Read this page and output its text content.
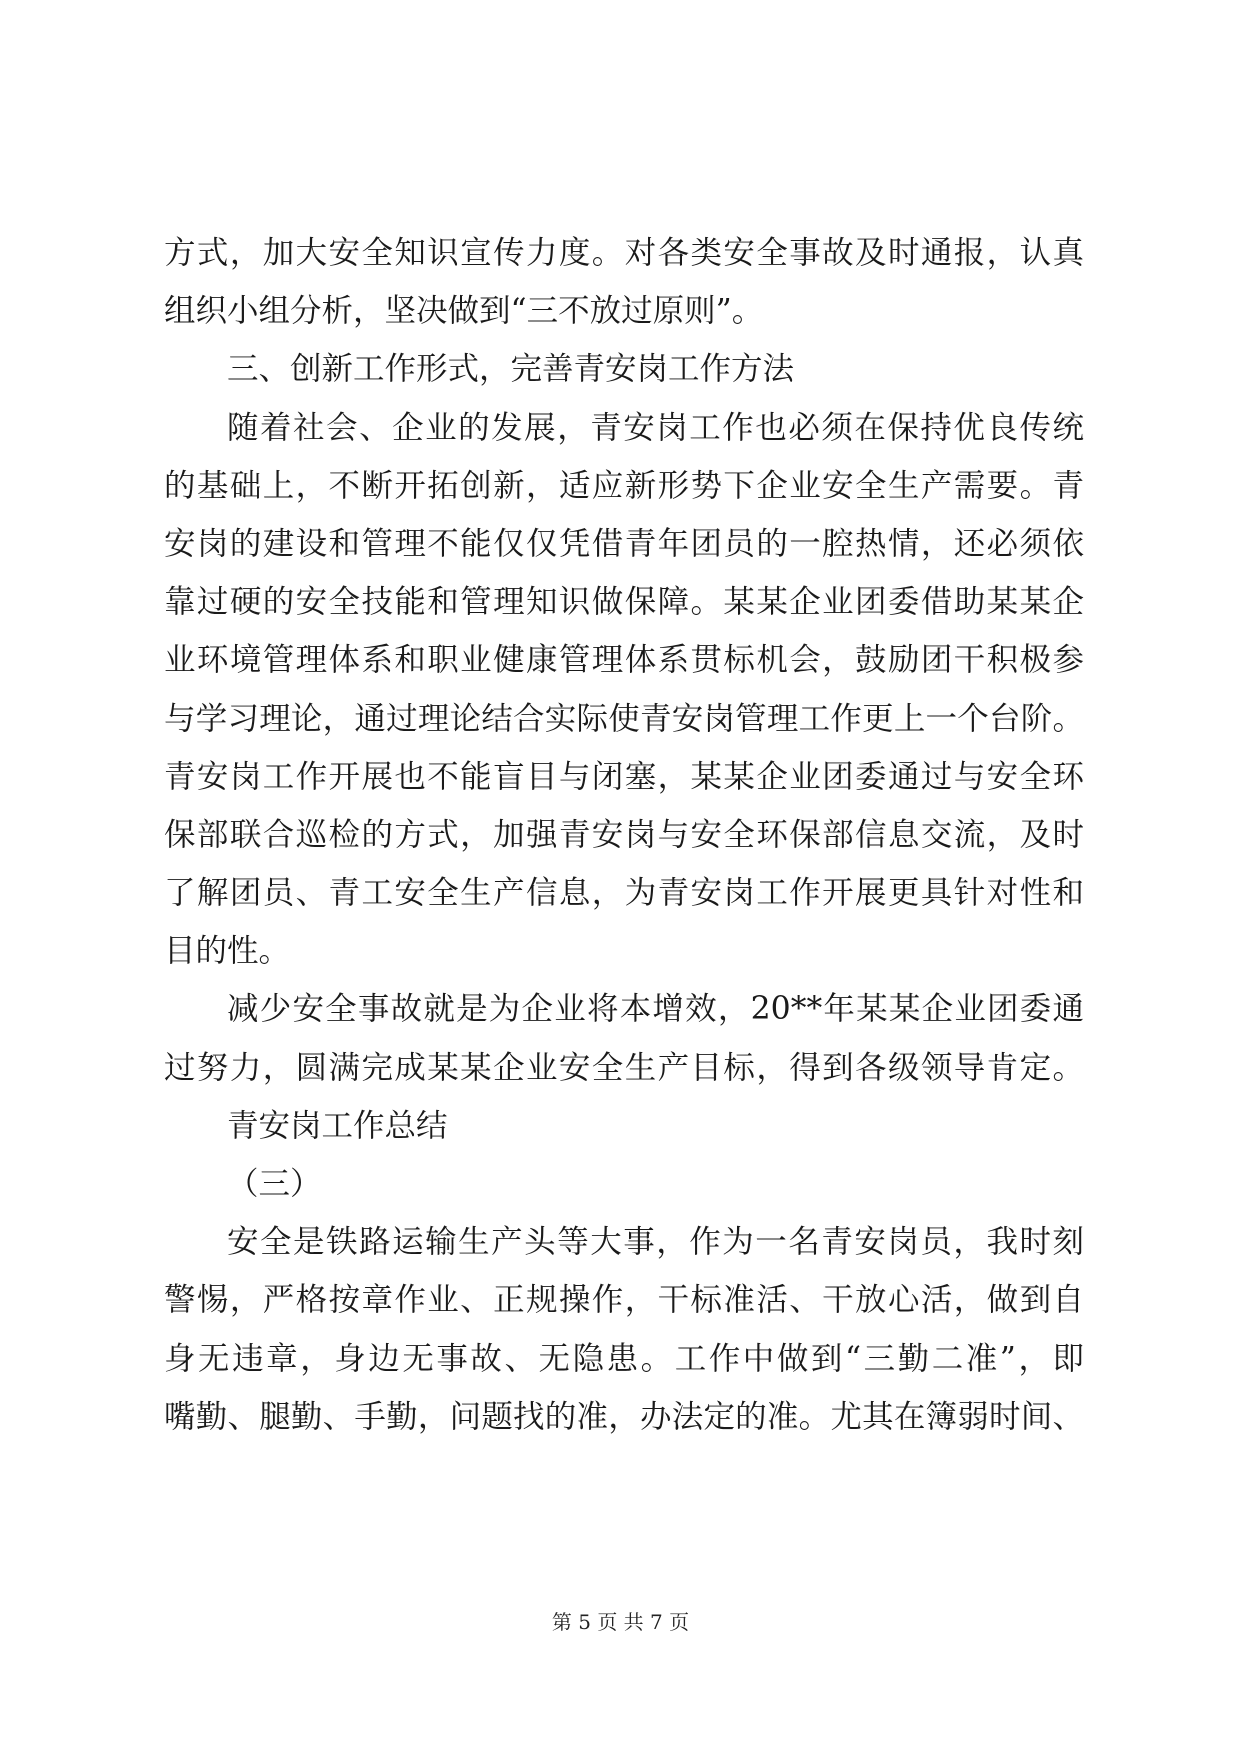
方式，加大安全知识宣传力度。对各类安全事故及时通报，认真
组织小组分析，坚决做到“三不放过原则”。
三、创新工作形式，完善青安岗工作方法
随着社会、企业的发展，青安岗工作也必须在保持优良传统
的基础上，不断开拓创新，适应新形势下企业安全生产需要。青
安岗的建设和管理不能仅仅凭借青年团员的一腔热情，还必须依
靠过硬的安全技能和管理知识做保障。某某企业团委借助某某企
业环境管理体系和职业健康管理体系贯标机会，鼓励团干积极参
与学习理论，通过理论结合实际使青安岗管理工作更上一个台阶。
青安岗工作开展也不能盲目与闭塞，某某企业团委通过与安全环
保部联合巡检的方式，加强青安岗与安全环保部信息交流，及时
了解团员、青工安全生产信息，为青安岗工作开展更具针对性和
目的性。
减少安全事故就是为企业将本增效，20**年某某企业团委通
过努力，圆满完成某某企业安全生产目标，得到各级领导肯定。
青安岗工作总结
（三）
安全是铁路运输生产头等大事，作为一名青安岗员，我时刻
警惕，严格按章作业、正规操作，干标准活、干放心活，做到自
身无违章，身边无事故、无隐患。工作中做到“三勤二准”，即
嘴勤、腿勤、手勤，问题找的准，办法定的准。尤其在簿弱时间、
第 5 页 共 7 页
